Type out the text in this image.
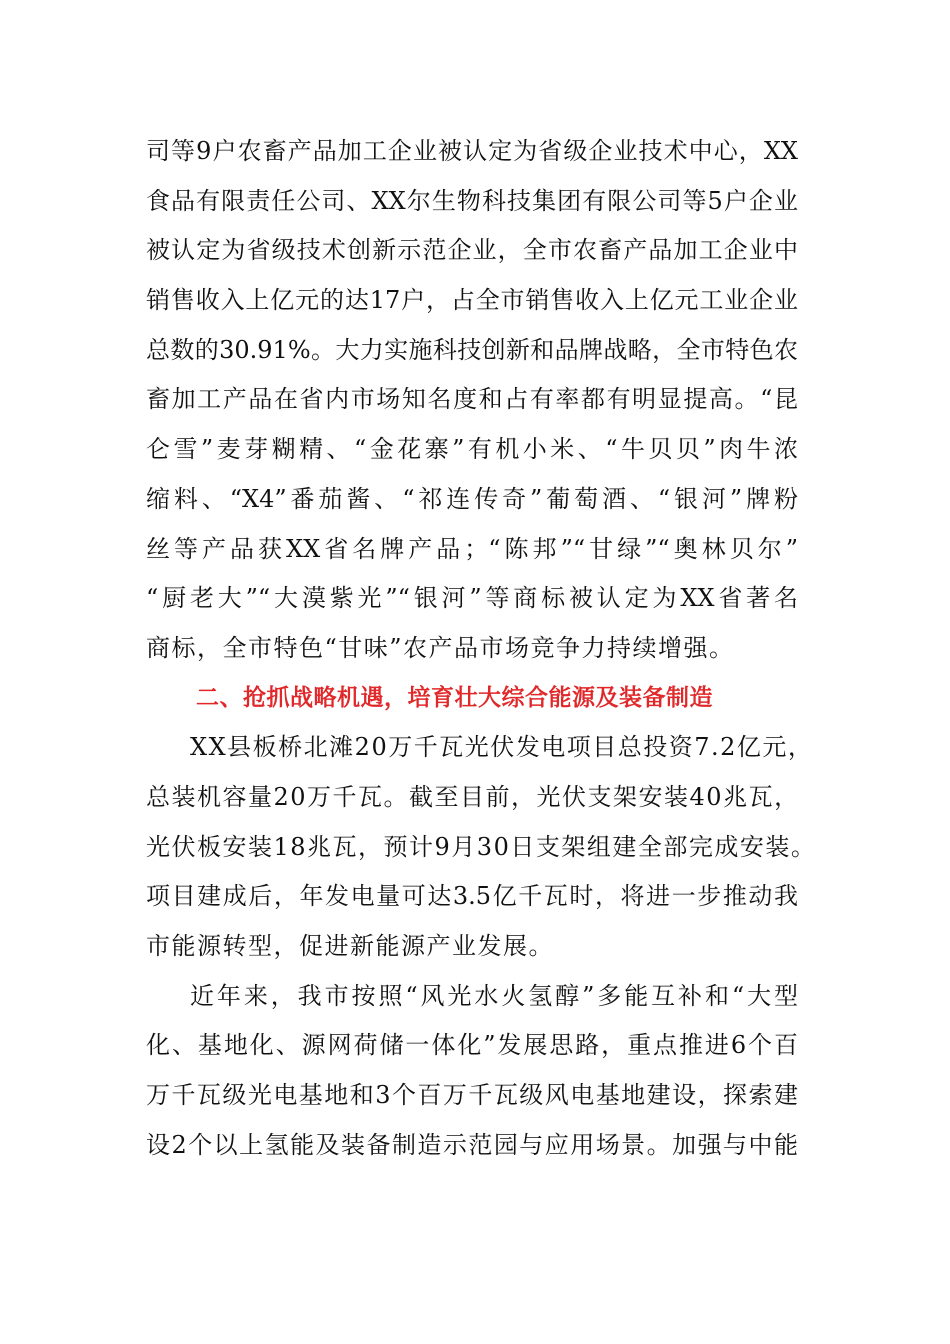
司等9户农畜产品加工企业被认定为省级企业技术中心，XX
食品有限责任公司、XX尔生物科技集团有限公司等5户企业
被认定为省级技术创新示范企业，全市农畜产品加工企业中
销售收入上亿元的达17户，占全市销售收入上亿元工业企业
总数的30.91%。大力实施科技创新和品牌战略，全市特色农
畜加工产品在省内市场知名度和占有率都有明显提高。“昆
仑雪”麦芽糊精、“金花寨”有机小米、“牛贝贝”肉牛浓
缩料、“X4”番茄酱、“祁连传奇”葡萄酒、“银河”牌粉
丝等产品获XX省名牌产品；“陈邦”“甘绿”“奥林贝尔”
“厨老大”“大漠紫光”“银河”等商标被认定为XX省著名
商标，全市特色“甘味”农产品市场竞争力持续增强。
二、抢抓战略机遇，培育壮大综合能源及装备制造
XX县板桥北滩20万千瓦光伏发电项目总投资7.2亿元，
总装机容量20万千瓦。截至目前，光伏支架安装40兆瓦，
光伏板安装18兆瓦，预计9月30日支架组建全部完成安装。
项目建成后，年发电量可达3.5亿千瓦时，将进一步推动我
市能源转型，促进新能源产业发展。
近年来，我市按照“风光水火氢醇”多能互补和“大型
化、基地化、源网荷储一体化”发展思路，重点推进6个百
万千瓦级光电基地和3个百万千瓦级风电基地建设，探索建
设2个以上氢能及装备制造示范园与应用场景。加强与中能
